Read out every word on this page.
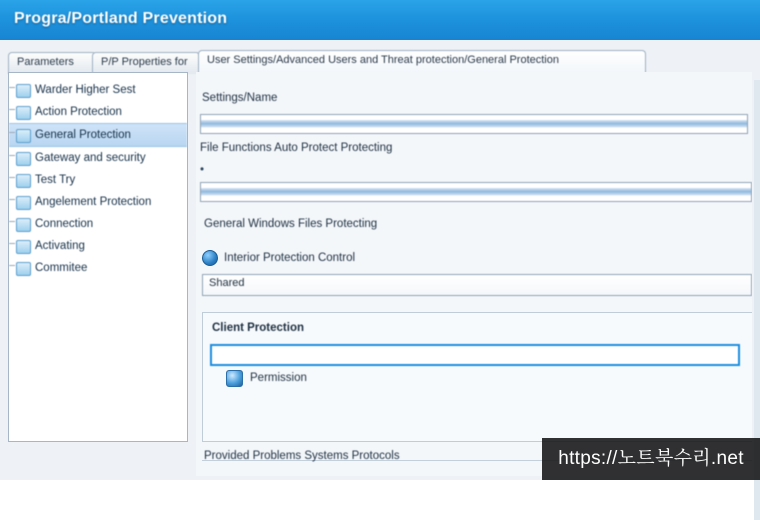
Progra/Portland Prevention
Parameters	P/P Properties for	User Settings/Advanced Users and Threat protection/General Protection
Warder Higher Sest
Action Protection
General Protection
Gateway and security
Test Try
Angelement Protection
Connection
Activating
Commitee
Settings/Name
File Functions Auto Protect Protecting
•
General Windows Files Protecting
Interior Protection Control
Shared
Client Protection
Permission
Provided Problems Systems Protocols	https://노트북수리.net
